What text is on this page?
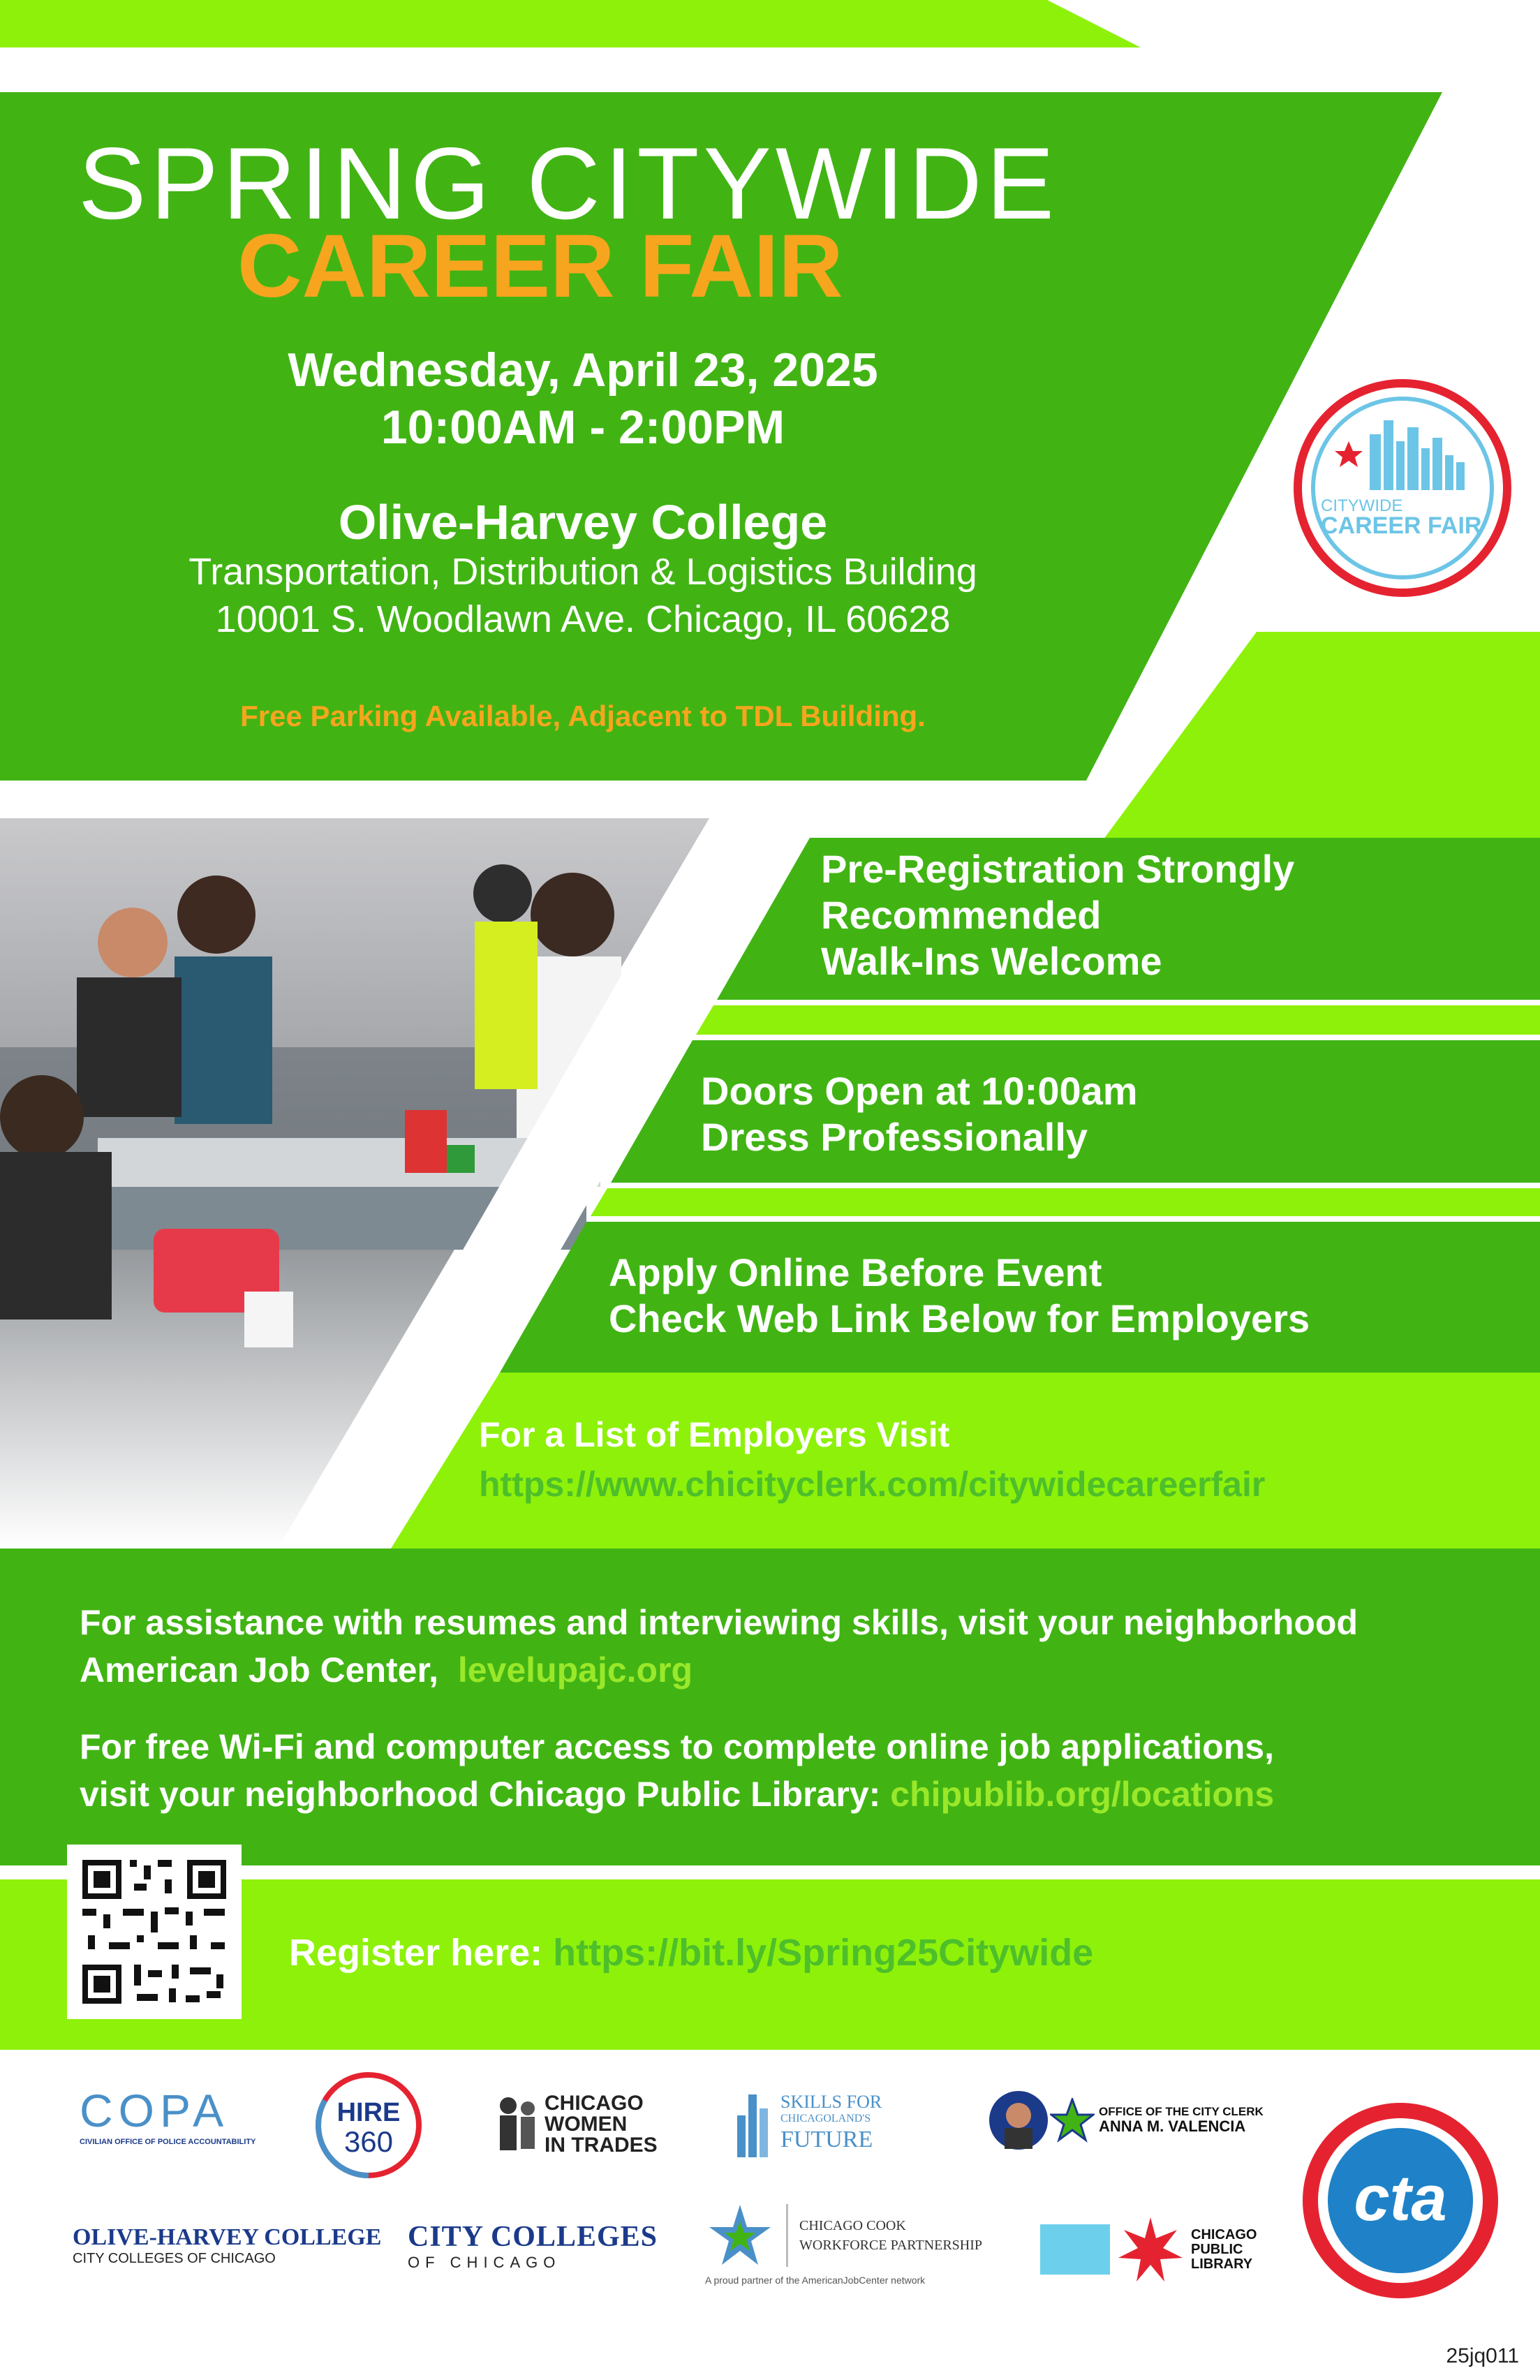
SPRING CITYWIDE
CAREER FAIR
Wednesday, April 23, 2025
10:00AM - 2:00PM
Olive-Harvey College
Transportation, Distribution & Logistics Building
10001 S. Woodlawn Ave. Chicago, IL 60628
Free Parking Available, Adjacent to TDL Building.
CITYWIDE
CAREER FAIR
Pre-Registration Strongly
Recommended
Walk-Ins Welcome
Doors Open at 10:00am
Dress Professionally
Apply Online Before Event
Check Web Link Below for Employers
For a List of Employers Visit
https://www.chicityclerk.com/citywidecareerfair
For assistance with resumes and interviewing skills, visit your neighborhood
American Job Center, levelupajc.org
For free Wi-Fi and computer access to complete online job applications,
visit your neighborhood Chicago Public Library: chipublib.org/locations
Register here: https://bit.ly/Spring25Citywide
COPA
CIVILIAN OFFICE OF POLICE ACCOUNTABILITY
HIRE
360
CHICAGO
WOMEN
IN TRADES
SKILLS FOR
CHICAGOLAND'S
FUTURE
OFFICE OF THE CITY CLERK
ANNA M. VALENCIA
cta
OLIVE-HARVEY COLLEGE
CITY COLLEGES OF CHICAGO
CITY COLLEGES
OF CHICAGO
CHICAGO COOK
WORKFORCE PARTNERSHIP
A proud partner of the AmericanJobCenter network
CHICAGO
PUBLIC
LIBRARY
25jq011
